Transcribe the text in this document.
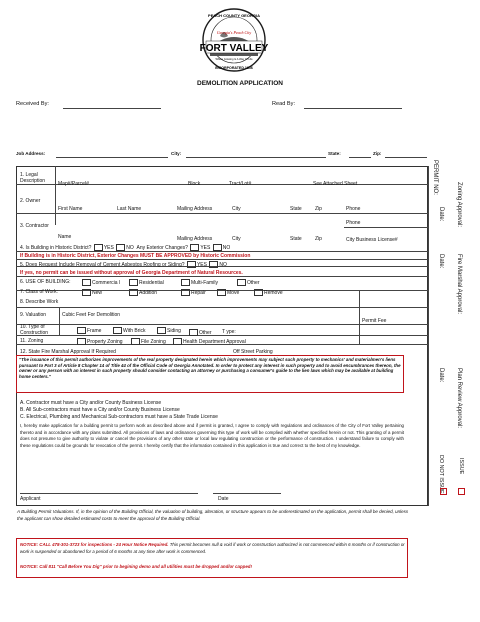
PEACH COUNTY GEORGIA
Georgia's Peach City
FORT VALLEY
Where Growing Is A Way Of Life
INCORPORATED 1856
DEMOLITION APPLICATION
Received By:	Read By:
Job Address:	City:	State:	Zip:
1. Legal Description	Map#/Parcel#	Block	Tract/Lot#	See Attached Sheet
2. Owner
First Name	Last Name	Mailing Address	City	State	Zip	Phone
3. Contractor	Phone
Name	Mailing Address	City	State	Zip	City Business License#
4. Is Building in Historic District? YES NO Any Exterior Changes? YES NO
If Building is in Historic District, Exterior Changes MUST BE APPROVED by Historic Commission
5. Does Request Include Removal of Cement Asbestos Roofing or Siding? YES NO
If yes, no permit can be issued without approval of Georgia Department of Natural Resources.
6. USE OF BUILDING:	Commercia l	Residential	Multi-Family	Other
7. Class of Work:	New	Addition	Repair	Move	Remove
8. Describe Work
9. Valuation	Cubic Feet For Demolition
Permit Fee
10. Type of Construction	Frame	With Brick	Siding	Other T ype:
11. Zoning	Property Zoning	File Zoning	Health Department Approval
12. State Fire Marshal Approval If Required	Off Street Parking
"The issuance of this permit authorizes improvements of the real property designated herein which improvements may subject such property to mechanics' and materialmen's liens pursuant to Part 3 of Article 8 Chapter 14 of Title 44 of the Official Code of Georgia Annotated. In order to protect any interest in such property and to avoid encumbrances thereon, the owner or any person with an interest in such property should consider contacting an attorney or purchasing a consumer's guide to the lien laws which may be available at building home centers."
A. Contractor must have a City and/or County Business License
B. All Sub-contractors must have a City and/or County Business License
C. Electrical, Plumbing and Mechanical Sub-contractors must have a State Trade License
I, hereby make application for a building permit to perform work as described above and if permit is granted, I agree to comply with regulations and ordinances of the City of Fort Valley pertaining thereto and in accordance with any plans submitted. All provisions of laws and ordinances governing this type of work will be complied with whether specified herein or not. This granting of a permit does not presume to give authority to violate or cancel the provisions of any other state or local law regulating construction or the performance of construction. I understand failure to comply with these regulations could be grounds for revocation of the permit. I hereby certify that the information contained in this application is true and correct to the best of my knowledge.
Applicant	Date
A Building Permit Valuations. If, in the opinion of the Building Official, the valuation of building, alteration, or structure appears to be underestimated on the application, permit shall be denied, unless the applicant can show detailed estimated costs to meet the approval of the Building Official.
NOTICE: CALL 478-301-3723 for inspections - 24 Hour Notice Required. This permit becomes null & void if work or construction authorized is not commenced within 6 months or if construction or work is suspended or abandoned for a period of 6 months at any time after work is commenced.
NOTICE: Call 811 "Call Before You Dig" prior to begining demo and all utilities must be dropped and/or capped!
PERMIT NO:
Date: Zoning Approval:
Date: Fire Marshal Approval:
Date: Plan Review Approval:
DO NOT ISSUE	ISSUE
